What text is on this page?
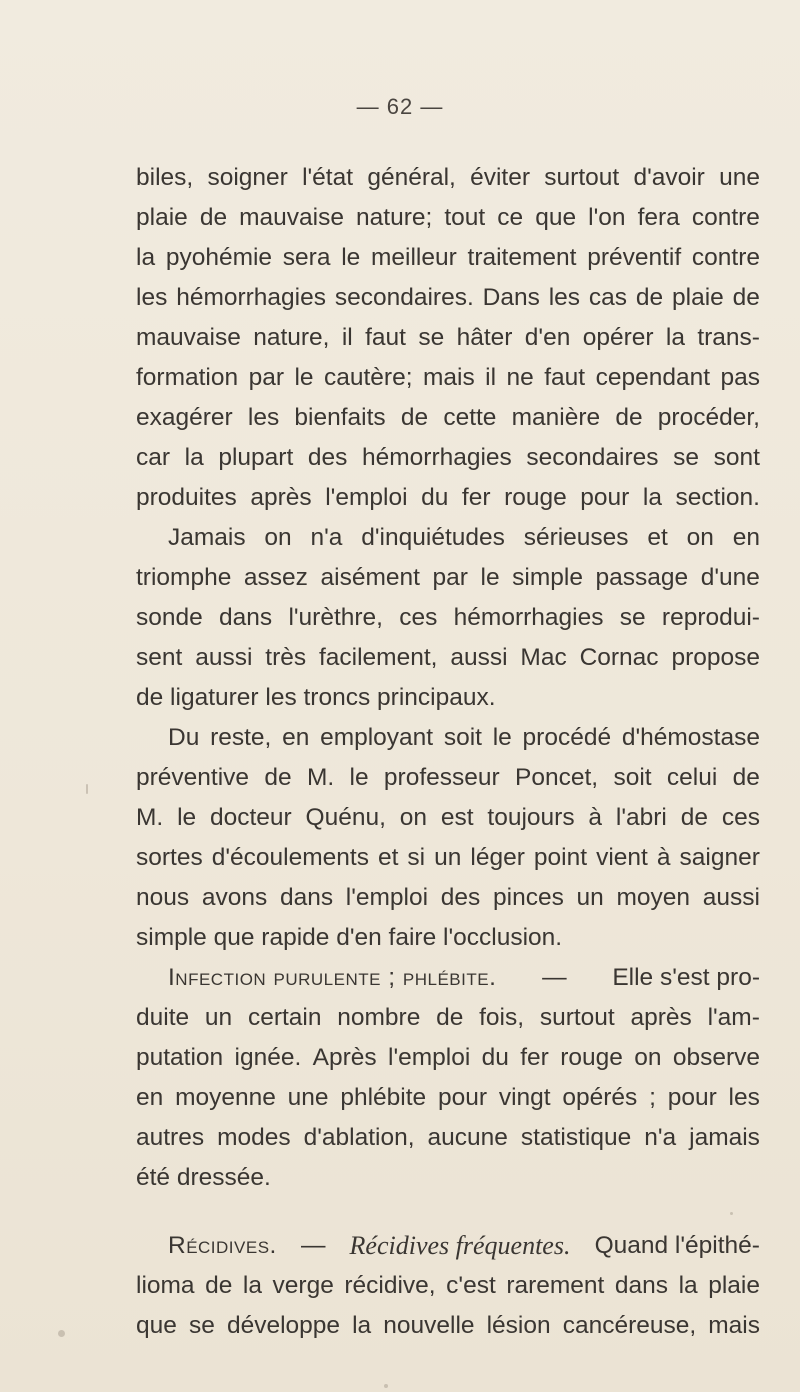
— 62 —
biles, soigner l'état général, éviter surtout d'avoir une
plaie de mauvaise nature; tout ce que l'on fera contre
la pyohémie sera le meilleur traitement préventif contre
les hémorrhagies secondaires. Dans les cas de plaie de
mauvaise nature, il faut se hâter d'en opérer la trans-
formation par le cautère; mais il ne faut cependant pas
exagérer les bienfaits de cette manière de procéder,
car la plupart des hémorrhagies secondaires se sont
produites après l'emploi du fer rouge pour la section.
Jamais on n'a d'inquiétudes sérieuses et on en
triomphe assez aisément par le simple passage d'une
sonde dans l'urèthre, ces hémorrhagies se reprodui-
sent aussi très facilement, aussi Mac Cornac propose
de ligaturer les troncs principaux.
Du reste, en employant soit le procédé d'hémostase
préventive de M. le professeur Poncet, soit celui de
M. le docteur Quénu, on est toujours à l'abri de ces
sortes d'écoulements et si un léger point vient à saigner
nous avons dans l'emploi des pinces un moyen aussi
simple que rapide d'en faire l'occlusion.
Infection purulente ; phlébite. — Elle s'est pro-
duite un certain nombre de fois, surtout après l'am-
putation ignée. Après l'emploi du fer rouge on observe
en moyenne une phlébite pour vingt opérés ; pour les
autres modes d'ablation, aucune statistique n'a jamais
été dressée.
Récidives. — Récidives fréquentes. Quand l'épithé-
lioma de la verge récidive, c'est rarement dans la plaie
que se développe la nouvelle lésion cancéreuse, mais
